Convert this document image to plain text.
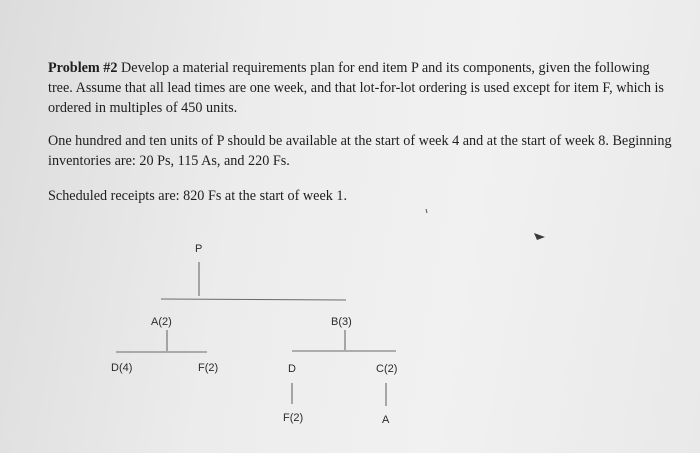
Problem #2 Develop a material requirements plan for end item P and its components, given the following tree. Assume that all lead times are one week, and that lot-for-lot ordering is used except for item F, which is ordered in multiples of 450 units.

One hundred and ten units of P should be available at the start of week 4 and at the start of week 8. Beginning inventories are: 20 Ps, 115 As, and 220 Fs.

Scheduled receipts are: 820 Fs at the start of week 1.

P
A(2)	B(3)
D(4)	F(2)	D	C(2)
F(2)	A
